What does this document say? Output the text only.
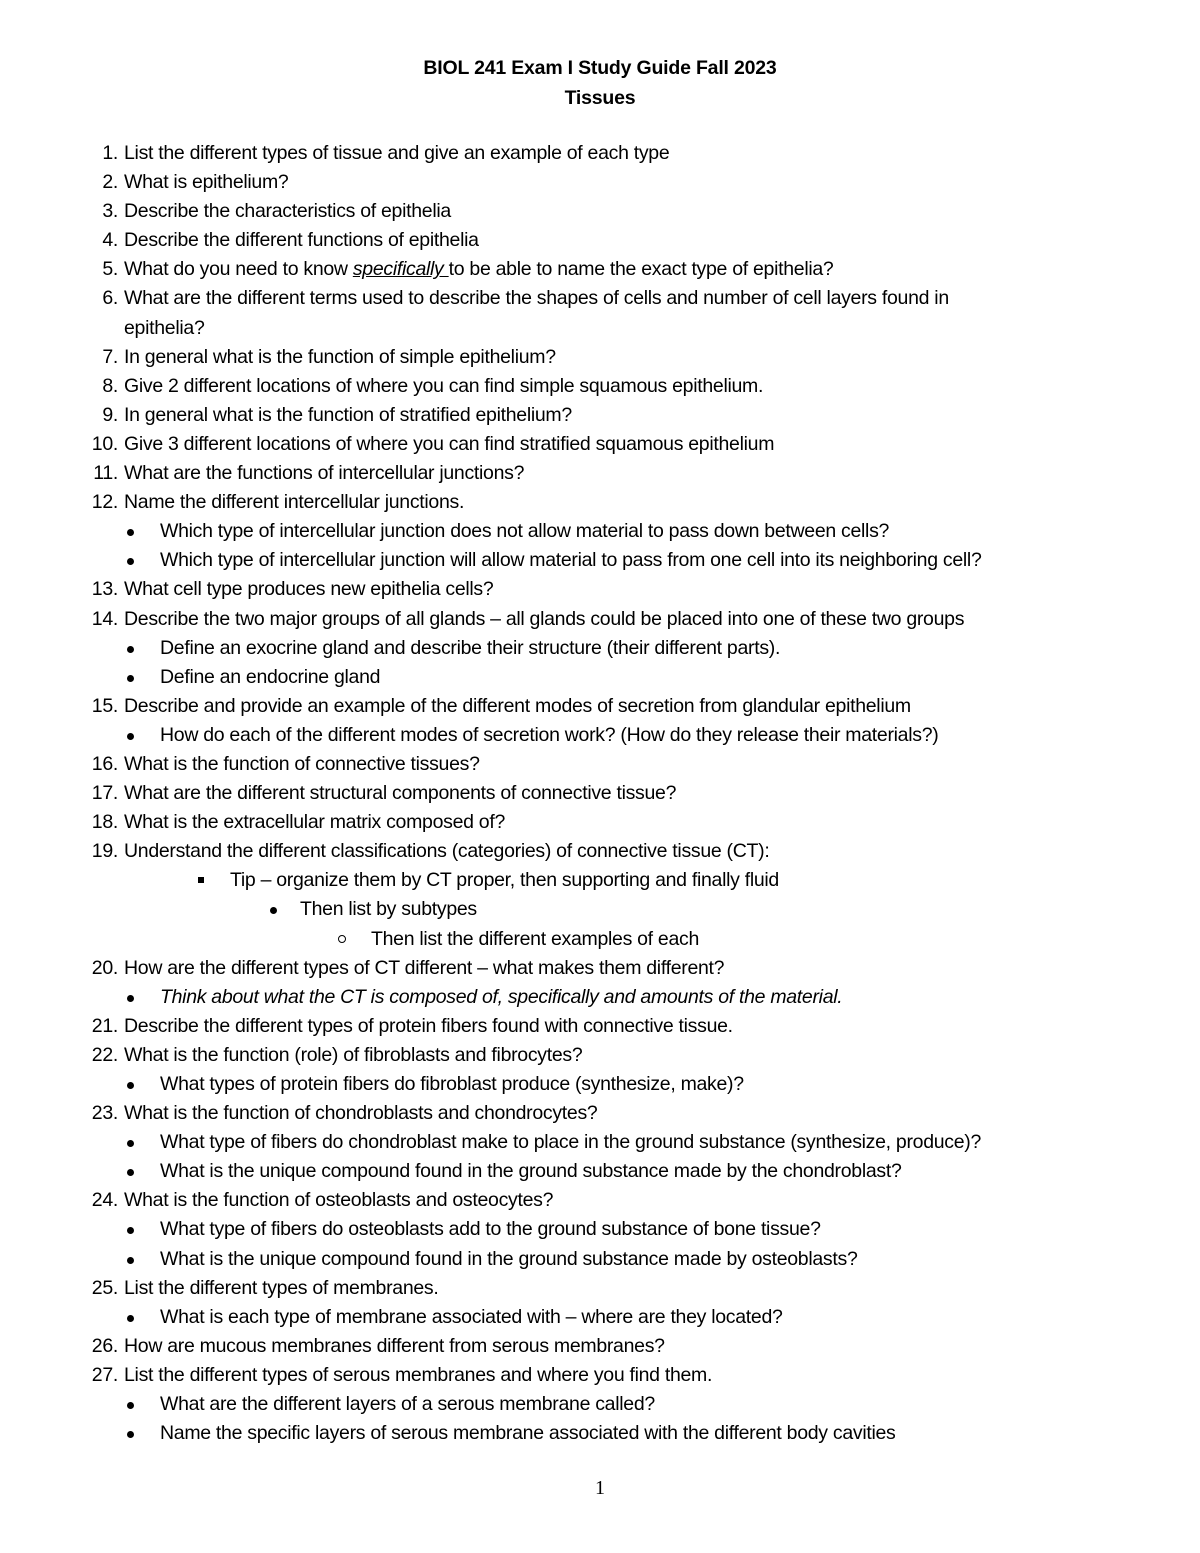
BIOL 241 Exam I Study Guide Fall 2023
Tissues
1. List the different types of tissue and give an example of each type
2. What is epithelium?
3. Describe the characteristics of epithelia
4. Describe the different functions of epithelia
5. What do you need to know specifically to be able to name the exact type of epithelia?
6. What are the different terms used to describe the shapes of cells and number of cell layers found in
epithelia?
7. In general what is the function of simple epithelium?
8. Give 2 different locations of where you can find simple squamous epithelium.
9. In general what is the function of stratified epithelium?
10. Give 3 different locations of where you can find stratified squamous epithelium
11. What are the functions of intercellular junctions?
12. Name the different intercellular junctions.
Which type of intercellular junction does not allow material to pass down between cells?
Which type of intercellular junction will allow material to pass from one cell into its neighboring cell?
13. What cell type produces new epithelia cells?
14. Describe the two major groups of all glands – all glands could be placed into one of these two groups
Define an exocrine gland and describe their structure (their different parts).
Define an endocrine gland
15. Describe and provide an example of the different modes of secretion from glandular epithelium
How do each of the different modes of secretion work? (How do they release their materials?)
16. What is the function of connective tissues?
17. What are the different structural components of connective tissue?
18. What is the extracellular matrix composed of?
19. Understand the different classifications (categories) of connective tissue (CT):
Tip – organize them by CT proper, then supporting and finally fluid
Then list by subtypes
Then list the different examples of each
20. How are the different types of CT different – what makes them different?
Think about what the CT is composed of, specifically and amounts of the material.
21. Describe the different types of protein fibers found with connective tissue.
22. What is the function (role) of fibroblasts and fibrocytes?
What types of protein fibers do fibroblast produce (synthesize, make)?
23. What is the function of chondroblasts and chondrocytes?
What type of fibers do chondroblast make to place in the ground substance (synthesize, produce)?
What is the unique compound found in the ground substance made by the chondroblast?
24. What is the function of osteoblasts and osteocytes?
What type of fibers do osteoblasts add to the ground substance of bone tissue?
What is the unique compound found in the ground substance made by osteoblasts?
25. List the different types of membranes.
What is each type of membrane associated with – where are they located?
26. How are mucous membranes different from serous membranes?
27. List the different types of serous membranes and where you find them.
What are the different layers of a serous membrane called?
Name the specific layers of serous membrane associated with the different body cavities
1
